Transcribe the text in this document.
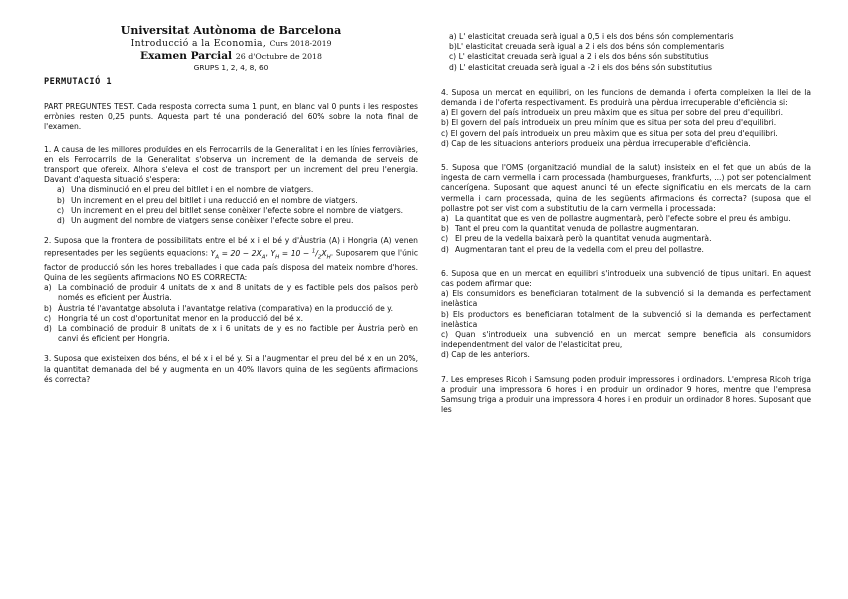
Universitat Autònoma de Barcelona
Introducció a la Economia, Curs 2018-2019
Examen Parcial 26 d'Octubre de 2018
GRUPS 1, 2, 4, 8, 60
PERMUTACIÓ 1

PART PREGUNTES TEST. Cada resposta correcta suma 1 punt, en blanc val 0 punts i les respostes errònies resten 0,25 punts. Aquesta part té una ponderació del 60% sobre la nota final de l'examen.

1. A causa de les millores produïdes en els Ferrocarrils de la Generalitat i en les línies ferroviàries, en els Ferrocarrils de la Generalitat s'observa un increment de la demanda de serveis de transport que ofereix. Alhora s'eleva el cost de transport per un increment del preu l'energia. Davant d'aquesta situació s'espera:

a) Una disminució en el preu del bitllet i en el nombre de viatgers.
b) Un increment en el preu del bitllet i una reducció en el nombre de viatgers.
c) Un increment en el preu del bitllet sense conèixer l'efecte sobre el nombre de viatgers.
d) Un augment del nombre de viatgers sense conèixer l'efecte sobre el preu.

2. Suposa que la frontera de possibilitats entre el bé x i el bé y d'Àustria (A) i Hongria (A) venen representades per les següents equacions: $Y_A = 20 - 2X_A$, $Y_H = 10 - ^1/_2X_H$. Suposarem que l'únic factor de producció són les hores treballades i que cada país disposa del mateix nombre d'hores. Quina de les següents afirmacions NO ES CORRECTA:

a) La combinació de produir 4 unitats de x and 8 unitats de y es factible pels dos països però només es eficient per Àustria.
b) Àustria té l'avantatge absoluta i l'avantatge relativa (comparativa) en la producció de y.
c) Hongria té un cost d'oportunitat menor en la producció del bé x.
d) La combinació de produir 8 unitats de x i 6 unitats de y es no factible per Àustria però en canvi és eficient per Hongria.

3. Suposa que existeixen dos béns, el bé x i el bé y. Si a l'augmentar el preu del bé x en un 20%, la quantitat demanada del bé y augmenta en un 40% llavors quina de les següents afirmacions és correcta?

a) L' elasticitat creuada serà igual a 0,5 i els dos béns són complementaris
b)L' elasticitat creuada serà igual a 2 i els dos béns són complementaris
c) L' elasticitat creuada serà igual a 2 i els dos béns són substitutius
d) L' elasticitat creuada serà igual a -2 i els dos béns són substitutius

4. Suposa un mercat en equilibri, on les funcions de demanda i oferta compleixen la llei de la demanda i de l'oferta respectivament. Es produirà una pèrdua irrecuperable d'eficiència si:

a) El govern del país introdueix un preu màxim que es situa per sobre del preu d'equilibri.
b) El govern del país introdueix un preu mínim que es situa per sota del preu d'equilibri.
c) El govern del país introdueix un preu màxim que es situa per sota del preu d'equilibri.
d) Cap de les situacions anteriors produeix una pèrdua irrecuperable d'eficiència.

5. Suposa que l'OMS (organització mundial de la salut) insisteix en el fet que un abús de la ingesta de carn vermella i carn processada (hamburgueses, frankfurts, ...) pot ser potencialment cancerígena. Suposant que aquest anunci té un efecte significatiu en els mercats de la carn vermella i carn processada, quina de les següents afirmacions és correcta? (suposa que el pollastre pot ser vist com a substitutiu de la carn vermella i processada:

a) La quantitat que es ven de pollastre augmentarà, però l'efecte sobre el preu és ambigu.
b) Tant el preu com la quantitat venuda de pollastre augmentaran.
c) El preu de la vedella baixarà però la quantitat venuda augmentarà.
d) Augmentaran tant el preu de la vedella com el preu del pollastre.

6. Suposa que en un mercat en equilibri s'introdueix una subvenció de tipus unitari. En aquest cas podem afirmar que:

a) Els consumidors es beneficiaran totalment de la subvenció si la demanda es perfectament inelàstica
b) Els productors es beneficiaran totalment de la subvenció si la demanda es perfectament inelàstica
c) Quan s'introdueix una subvenció en un mercat sempre beneficia als consumidors independentment del valor de l'elasticitat preu,
d) Cap de les anteriors.

7. Les empreses Ricoh i Samsung poden produir impressores i ordinadors. L'empresa Ricoh triga a produir una impressora 6 hores i en produir un ordinador 9 hores, mentre que l'empresa Samsung triga a produir una impressora 4 hores i en produir un ordinador 8 hores. Suposant que les
